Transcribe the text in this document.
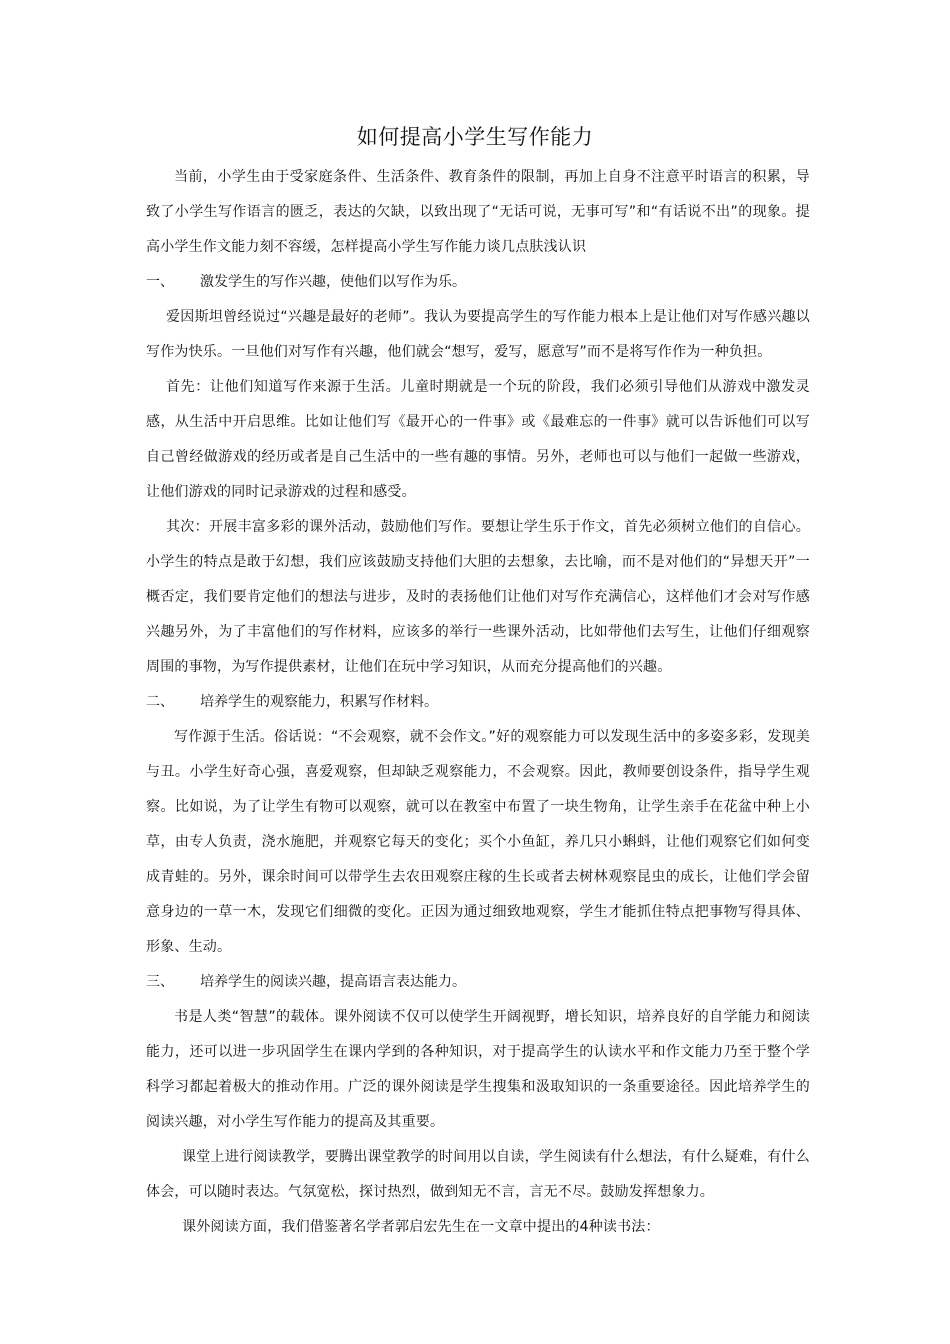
如何提高小学生写作能力

当前，小学生由于受家庭条件、生活条件、教育条件的限制，再加上自身不注意平时语言的积累，导致了小学生写作语言的匮乏，表达的欠缺，以致出现了“无话可说，无事可写”和“有话说不出”的现象。提高小学生作文能力刻不容缓，怎样提高小学生写作能力谈几点肤浅认识

一、 激发学生的写作兴趣，使他们以写作为乐。

爱因斯坦曾经说过“兴趣是最好的老师”。我认为要提高学生的写作能力根本上是让他们对写作感兴趣以写作为快乐。一旦他们对写作有兴趣，他们就会“想写，爱写，愿意写”而不是将写作作为一种负担。

首先：让他们知道写作来源于生活。儿童时期就是一个玩的阶段，我们必须引导他们从游戏中激发灵感，从生活中开启思维。比如让他们写《最开心的一件事》或《最难忘的一件事》就可以告诉他们可以写自己曾经做游戏的经历或者是自己生活中的一些有趣的事情。另外，老师也可以与他们一起做一些游戏，让他们游戏的同时记录游戏的过程和感受。

其次：开展丰富多彩的课外活动，鼓励他们写作。要想让学生乐于作文，首先必须树立他们的自信心。小学生的特点是敢于幻想，我们应该鼓励支持他们大胆的去想象，去比喻，而不是对他们的“异想天开”一概否定，我们要肯定他们的想法与进步，及时的表扬他们让他们对写作充满信心，这样他们才会对写作感兴趣另外，为了丰富他们的写作材料，应该多的举行一些课外活动，比如带他们去写生，让他们仔细观察周围的事物，为写作提供素材，让他们在玩中学习知识，从而充分提高他们的兴趣。

二、 培养学生的观察能力，积累写作材料。

写作源于生活。俗话说：“不会观察，就不会作文。”好的观察能力可以发现生活中的多姿多彩，发现美与丑。小学生好奇心强，喜爱观察，但却缺乏观察能力，不会观察。因此，教师要创设条件，指导学生观察。比如说，为了让学生有物可以观察，就可以在教室中布置了一块生物角，让学生亲手在花盆中种上小草，由专人负责，浇水施肥，并观察它每天的变化；买个小鱼缸，养几只小蝌蚪，让他们观察它们如何变成青蛙的。另外，课余时间可以带学生去农田观察庄稼的生长或者去树林观察昆虫的成长，让他们学会留意身边的一草一木，发现它们细微的变化。正因为通过细致地观察，学生才能抓住特点把事物写得具体、形象、生动。

三、 培养学生的阅读兴趣，提高语言表达能力。

书是人类“智慧”的载体。课外阅读不仅可以使学生开阔视野，增长知识，培养良好的自学能力和阅读能力，还可以进一步巩固学生在课内学到的各种知识，对于提高学生的认读水平和作文能力乃至于整个学科学习都起着极大的推动作用。广泛的课外阅读是学生搜集和汲取知识的一条重要途径。因此培养学生的阅读兴趣，对小学生写作能力的提高及其重要。

课堂上进行阅读教学，要腾出课堂教学的时间用以自读，学生阅读有什么想法，有什么疑难，有什么体会，可以随时表达。气氛宽松，探讨热烈，做到知无不言，言无不尽。鼓励发挥想象力。

课外阅读方面，我们借鉴著名学者郭启宏先生在一文章中提出的4种读书法：
